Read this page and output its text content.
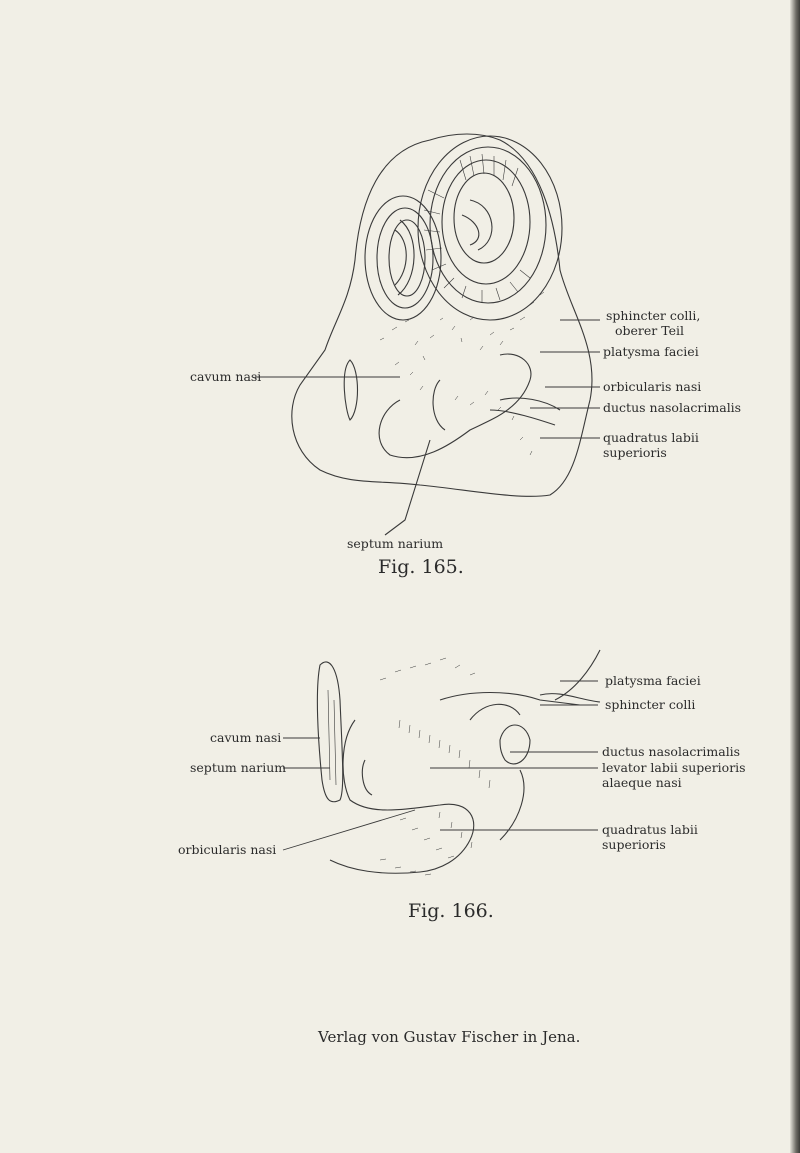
cavum nasi
sphincter colli,
oberer Teil
platysma faciei
orbicularis nasi
ductus nasolacrimalis
quadratus labii
superioris
septum narium
Fig. 165.
cavum nasi
septum narium
orbicularis nasi
platysma faciei
sphincter colli
ductus nasolacrimalis
levator labii superioris
alaeque nasi
quadratus labii
superioris
Fig. 166.
Verlag von Gustav Fischer in Jena.
